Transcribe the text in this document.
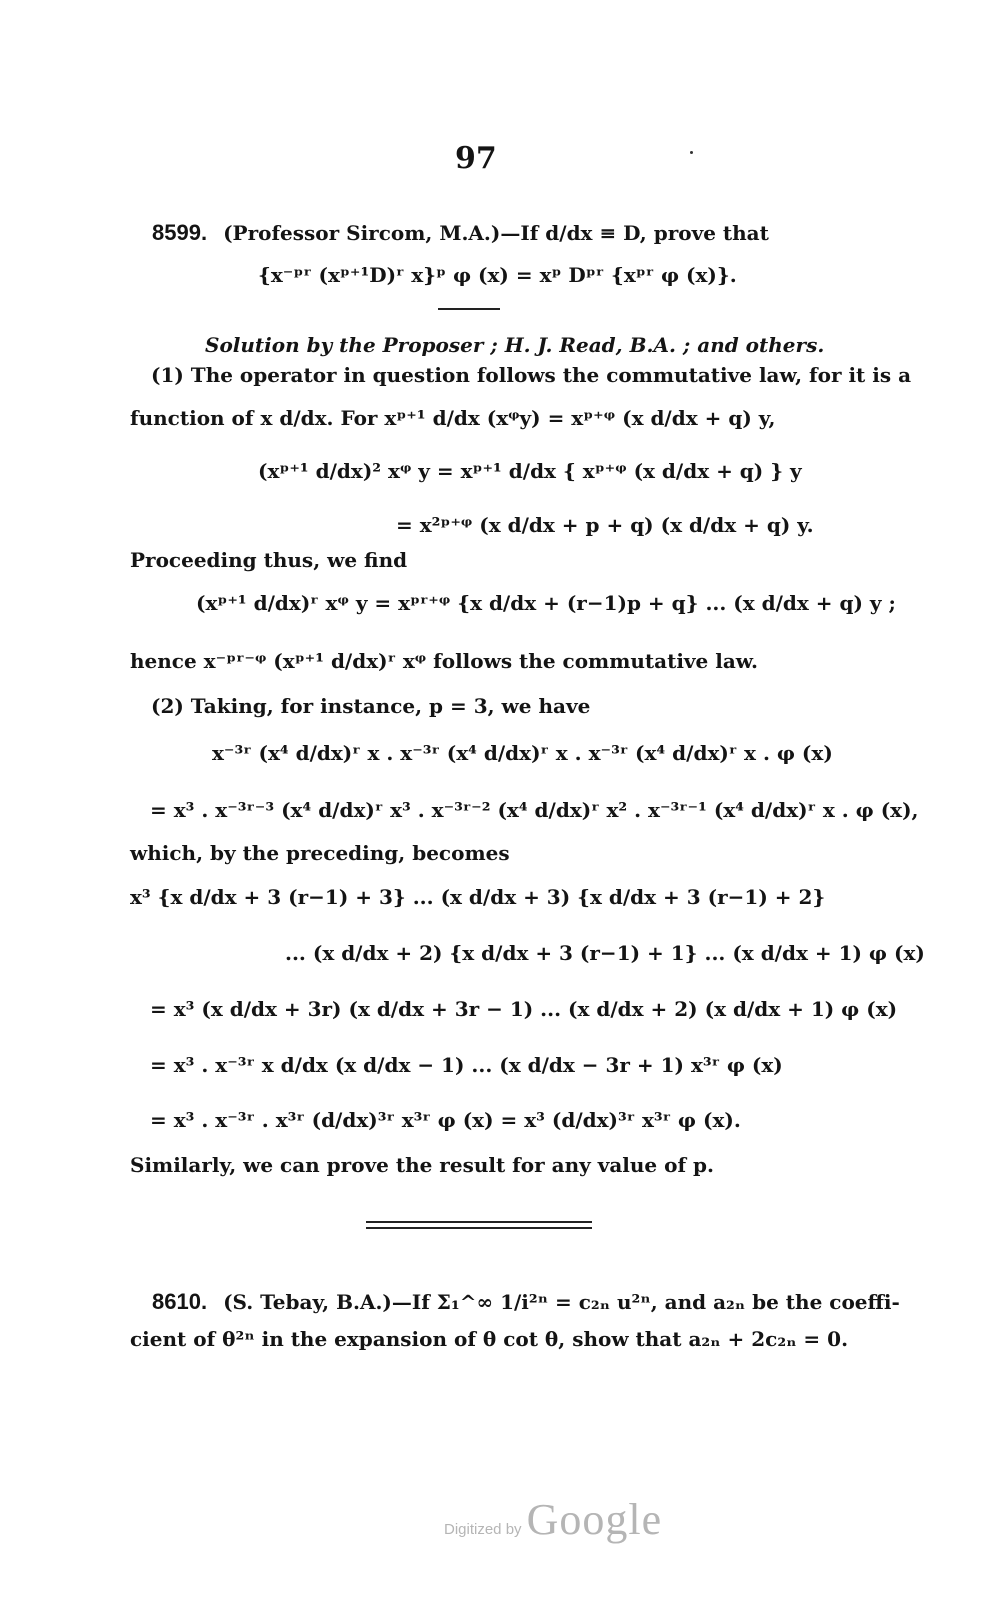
97
8599. (Professor Sircom, M.A.)—If d/dx ≡ D, prove that
{x⁻ᵖʳ (xᵖ⁺¹D)ʳ x}ᵖ φ (x) = xᵖ Dᵖʳ {xᵖʳ φ (x)}.
Solution by the Proposer ; H. J. Read, B.A. ; and others.
(1) The operator in question follows the commutative law, for it is a
function of x d/dx. For xᵖ⁺¹ d/dx (xᵠy) = xᵖ⁺ᵠ (x d/dx + q) y,
(xᵖ⁺¹ d/dx)² xᵠ y = xᵖ⁺¹ d/dx { xᵖ⁺ᵠ (x d/dx + q) } y
= x²ᵖ⁺ᵠ (x d/dx + p + q) (x d/dx + q) y.
Proceeding thus, we find
(xᵖ⁺¹ d/dx)ʳ xᵠ y = xᵖʳ⁺ᵠ {x d/dx + (r−1)p + q} ... (x d/dx + q) y ;
hence x⁻ᵖʳ⁻ᵠ (xᵖ⁺¹ d/dx)ʳ xᵠ follows the commutative law.
(2) Taking, for instance, p = 3, we have
x⁻³ʳ (x⁴ d/dx)ʳ x . x⁻³ʳ (x⁴ d/dx)ʳ x . x⁻³ʳ (x⁴ d/dx)ʳ x . φ (x)
= x³ . x⁻³ʳ⁻³ (x⁴ d/dx)ʳ x³ . x⁻³ʳ⁻² (x⁴ d/dx)ʳ x² . x⁻³ʳ⁻¹ (x⁴ d/dx)ʳ x . φ (x),
which, by the preceding, becomes
x³ {x d/dx + 3 (r−1) + 3} ... (x d/dx + 3) {x d/dx + 3 (r−1) + 2}
... (x d/dx + 2) {x d/dx + 3 (r−1) + 1} ... (x d/dx + 1) φ (x)
= x³ (x d/dx + 3r) (x d/dx + 3r − 1) ... (x d/dx + 2) (x d/dx + 1) φ (x)
= x³ . x⁻³ʳ x d/dx (x d/dx − 1) ... (x d/dx − 3r + 1) x³ʳ φ (x)
= x³ . x⁻³ʳ . x³ʳ (d/dx)³ʳ x³ʳ φ (x) = x³ (d/dx)³ʳ x³ʳ φ (x).
Similarly, we can prove the result for any value of p.
8610. (S. Tebay, B.A.)—If Σ₁^∞ 1/i²ⁿ = c₂ₙ u²ⁿ, and a₂ₙ be the coeffi-
cient of θ²ⁿ in the expansion of θ cot θ, show that a₂ₙ + 2c₂ₙ = 0.
Digitized by Google
